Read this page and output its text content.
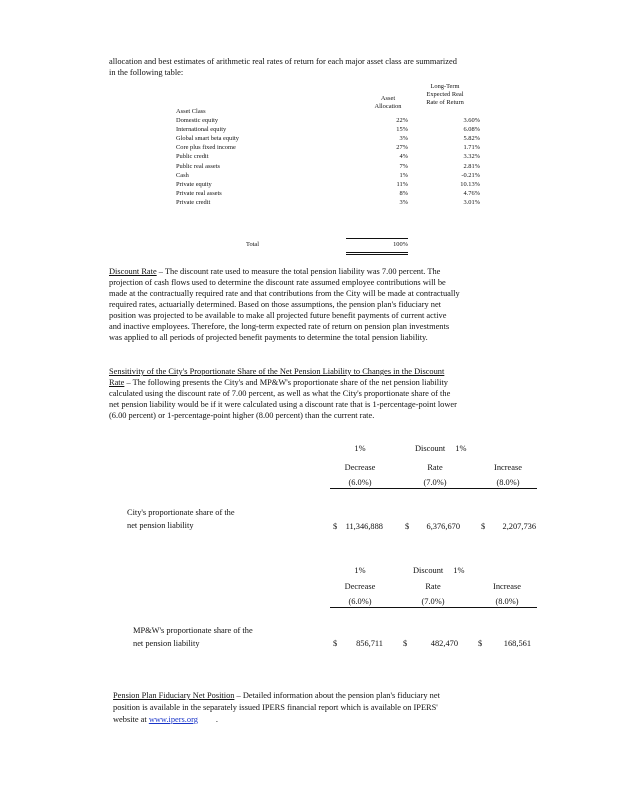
allocation and best estimates of arithmetic real rates of return for each major asset class are summarized
in the following table:
Long-Term
Expected Real
Rate of Return
Asset Allocation
Asset Class
Domestic equity	22%	3.60%
International equity	15%	6.08%
Global smart beta equity	3%	5.82%
Core plus fixed income	27%	1.71%
Public credit	4%	3.32%
Public real assets	7%	2.81%
Cash	1%	-0.21%
Private equity	11%	10.13%
Private real assets	8%	4.76%
Private credit	3%	3.01%
Total	100%
Discount Rate – The discount rate used to measure the total pension liability was 7.00 percent. The
projection of cash flows used to determine the discount rate assumed employee contributions will be
made at the contractually required rate and that contributions from the City will be made at contractually
required rates, actuarially determined. Based on those assumptions, the pension plan's fiduciary net
position was projected to be available to make all projected future benefit payments of current active
and inactive employees. Therefore, the long-term expected rate of return on pension plan investments
was applied to all periods of projected benefit payments to determine the total pension liability.
Sensitivity of the City's Proportionate Share of the Net Pension Liability to Changes in the Discount
Rate – The following presents the City's and MP&W's proportionate share of the net pension liability
calculated using the discount rate of 7.00 percent, as well as what the City's proportionate share of the
net pension liability would be if it were calculated using a discount rate that is 1-percentage-point lower
(6.00 percent) or 1-percentage-point higher (8.00 percent) than the current rate.
1%
Decrease
(6.0%)
Discount 1%
Rate
(7.0%)
Increase
(8.0%)
City's proportionate share of the
net pension liability	$	11,346,888	$	6,376,670	$	2,207,736
1%
Decrease
(6.0%)
Discount 1%
Rate
(7.0%)
Increase
(8.0%)
MP&W's proportionate share of the
net pension liability	$	856,711 $	482,470 $	168,561
Pension Plan Fiduciary Net Position – Detailed information about the pension plan's fiduciary net
position is available in the separately issued IPERS financial report which is available on IPERS'
website at www.ipers.org .
